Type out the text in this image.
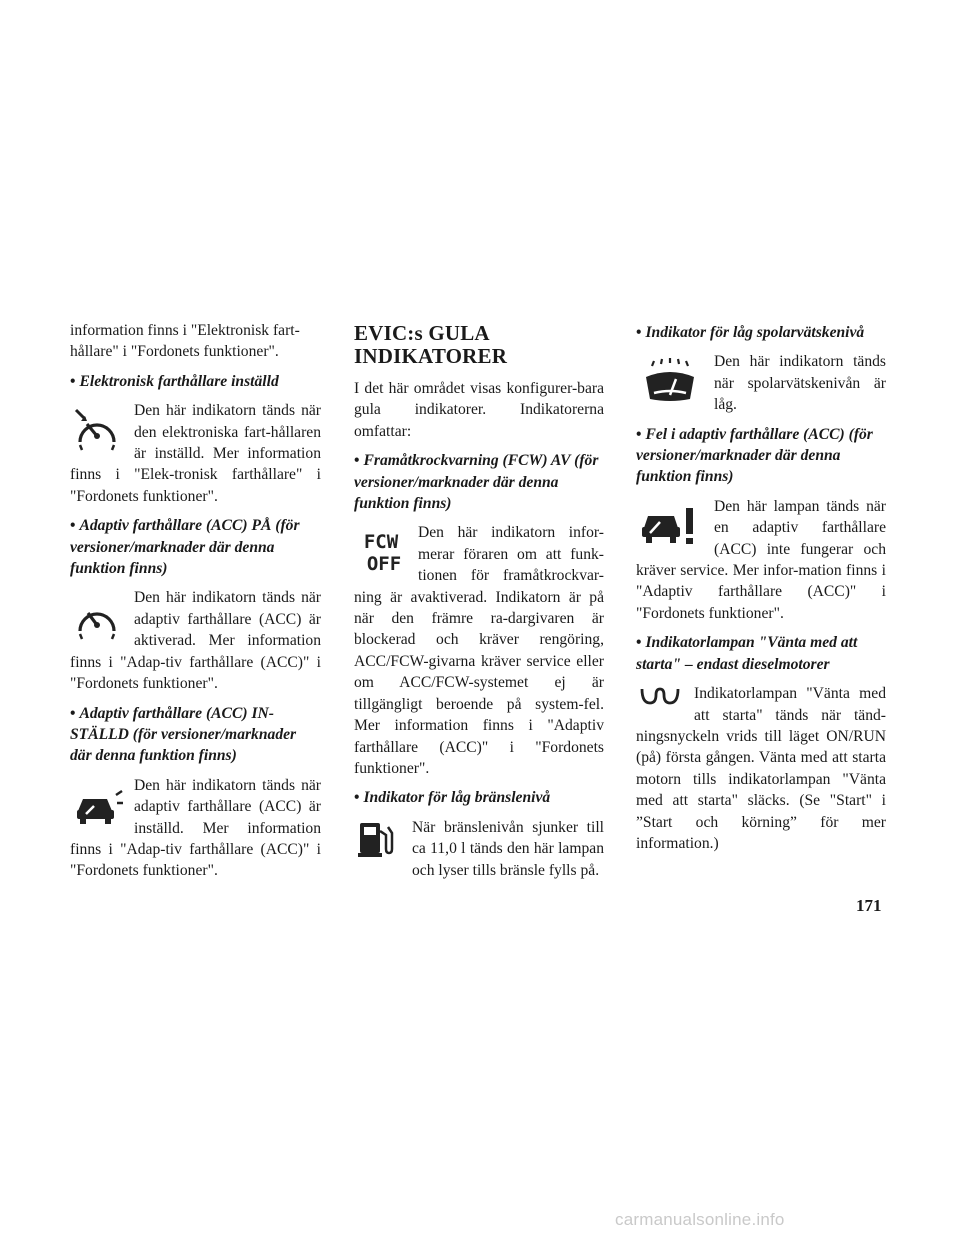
information finns i "Elektronisk fart-
hållare" i "Fordonets funktioner".

• Elektronisk farthållare inställd

Den här indikatorn tänds när den elektroniska fart-hållaren är inställd. Mer information finns i "Elek-tronisk farthållare" i "Fordonets funktioner".

• Adaptiv farthållare (ACC) PÅ (för versioner/marknader där denna funktion finns)

Den här indikatorn tänds när adaptiv farthållare (ACC) är aktiverad. Mer information finns i "Adap-tiv farthållare (ACC)" i "Fordonets funktioner".

• Adaptiv farthållare (ACC) IN-STÄLLD (för versioner/marknader där denna funktion finns)

Den här indikatorn tänds när adaptiv farthållare (ACC) är inställd. Mer information finns i "Adap-tiv farthållare (ACC)" i "Fordonets funktioner".

EVIC:s GULA INDIKATORER

I det här området visas konfigurer-bara gula indikatorer. Indikatorerna omfattar:

• Framåtkrockvarning (FCW) AV (för versioner/marknader där denna funktion finns)
FCW
OFF

Den här indikatorn infor-merar föraren om att funk-tionen för framåtkrockvar-ning är avaktiverad. Indikatorn är på när den främre ra-dargivaren är blockerad och kräver rengöring, ACC/FCW-givarna kräver service eller om ACC/FCW-systemet ej är tillgängligt beroende på system-fel. Mer information finns i "Adaptiv farthållare (ACC)" i "Fordonets funktioner".

• Indikator för låg bränslenivå

När bränslenivån sjunker till ca 11,0 l tänds den här lampan och lyser tills bränsle fylls på.

• Indikator för låg spolarvätskenivå

Den här indikatorn tänds när spolarvätskenivån är låg.

• Fel i adaptiv farthållare (ACC) (för versioner/marknader där denna funktion finns)

Den här lampan tänds när en adaptiv farthållare (ACC) inte fungerar och kräver service. Mer infor-mation finns i "Adaptiv farthållare (ACC)" i "Fordonets funktioner".

• Indikatorlampan "Vänta med att starta" – endast dieselmotorer

Indikatorlampan "Vänta med att starta" tänds när tänd-ningsnyckeln vrids till läget ON/RUN (på) första gången. Vänta med att starta motorn tills indikatorlampan "Vänta med att starta" släcks. (Se "Start" i ”Start och körning” för mer information.)

171
carmanualsonline.info
